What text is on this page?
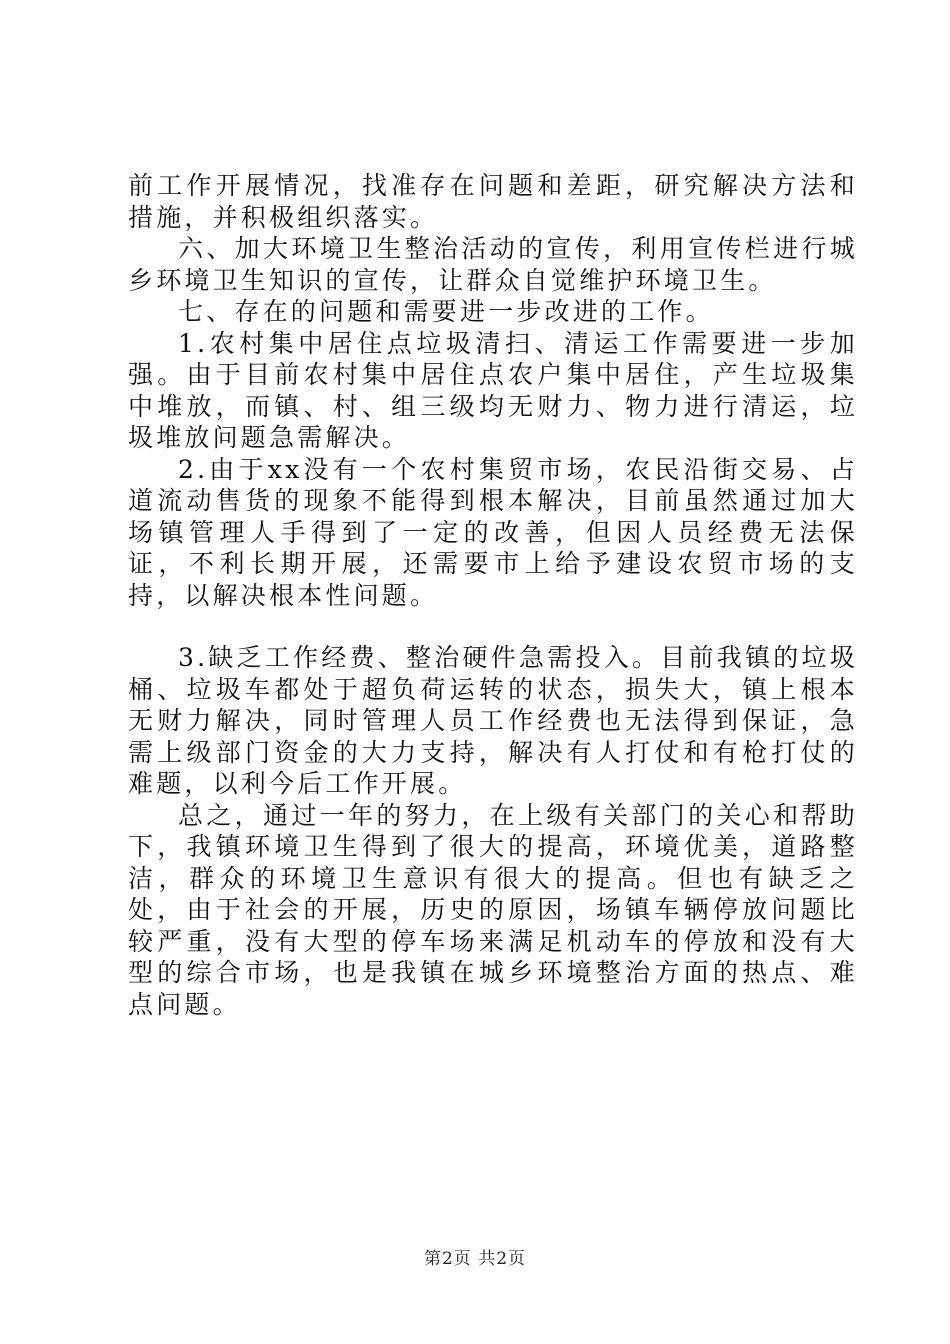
前工作开展情况，找准存在问题和差距，研究解决方法和措施，并积极组织落实。

六、加大环境卫生整治活动的宣传，利用宣传栏进行城乡环境卫生知识的宣传，让群众自觉维护环境卫生。

七、存在的问题和需要进一步改进的工作。

1.农村集中居住点垃圾清扫、清运工作需要进一步加强。由于目前农村集中居住点农户集中居住，产生垃圾集中堆放，而镇、村、组三级均无财力、物力进行清运，垃圾堆放问题急需解决。

2.由于xx没有一个农村集贸市场，农民沿街交易、占道流动售货的现象不能得到根本解决，目前虽然通过加大场镇管理人手得到了一定的改善，但因人员经费无法保证，不利长期开展，还需要市上给予建设农贸市场的支持，以解决根本性问题。

3.缺乏工作经费、整治硬件急需投入。目前我镇的垃圾桶、垃圾车都处于超负荷运转的状态，损失大，镇上根本无财力解决，同时管理人员工作经费也无法得到保证，急需上级部门资金的大力支持，解决有人打仗和有枪打仗的难题，以利今后工作开展。

总之，通过一年的努力，在上级有关部门的关心和帮助下，我镇环境卫生得到了很大的提高，环境优美，道路整洁，群众的环境卫生意识有很大的提高。但也有缺乏之处，由于社会的开展，历史的原因，场镇车辆停放问题比较严重，没有大型的停车场来满足机动车的停放和没有大型的综合市场，也是我镇在城乡环境整治方面的热点、难点问题。

第2页 共2页
